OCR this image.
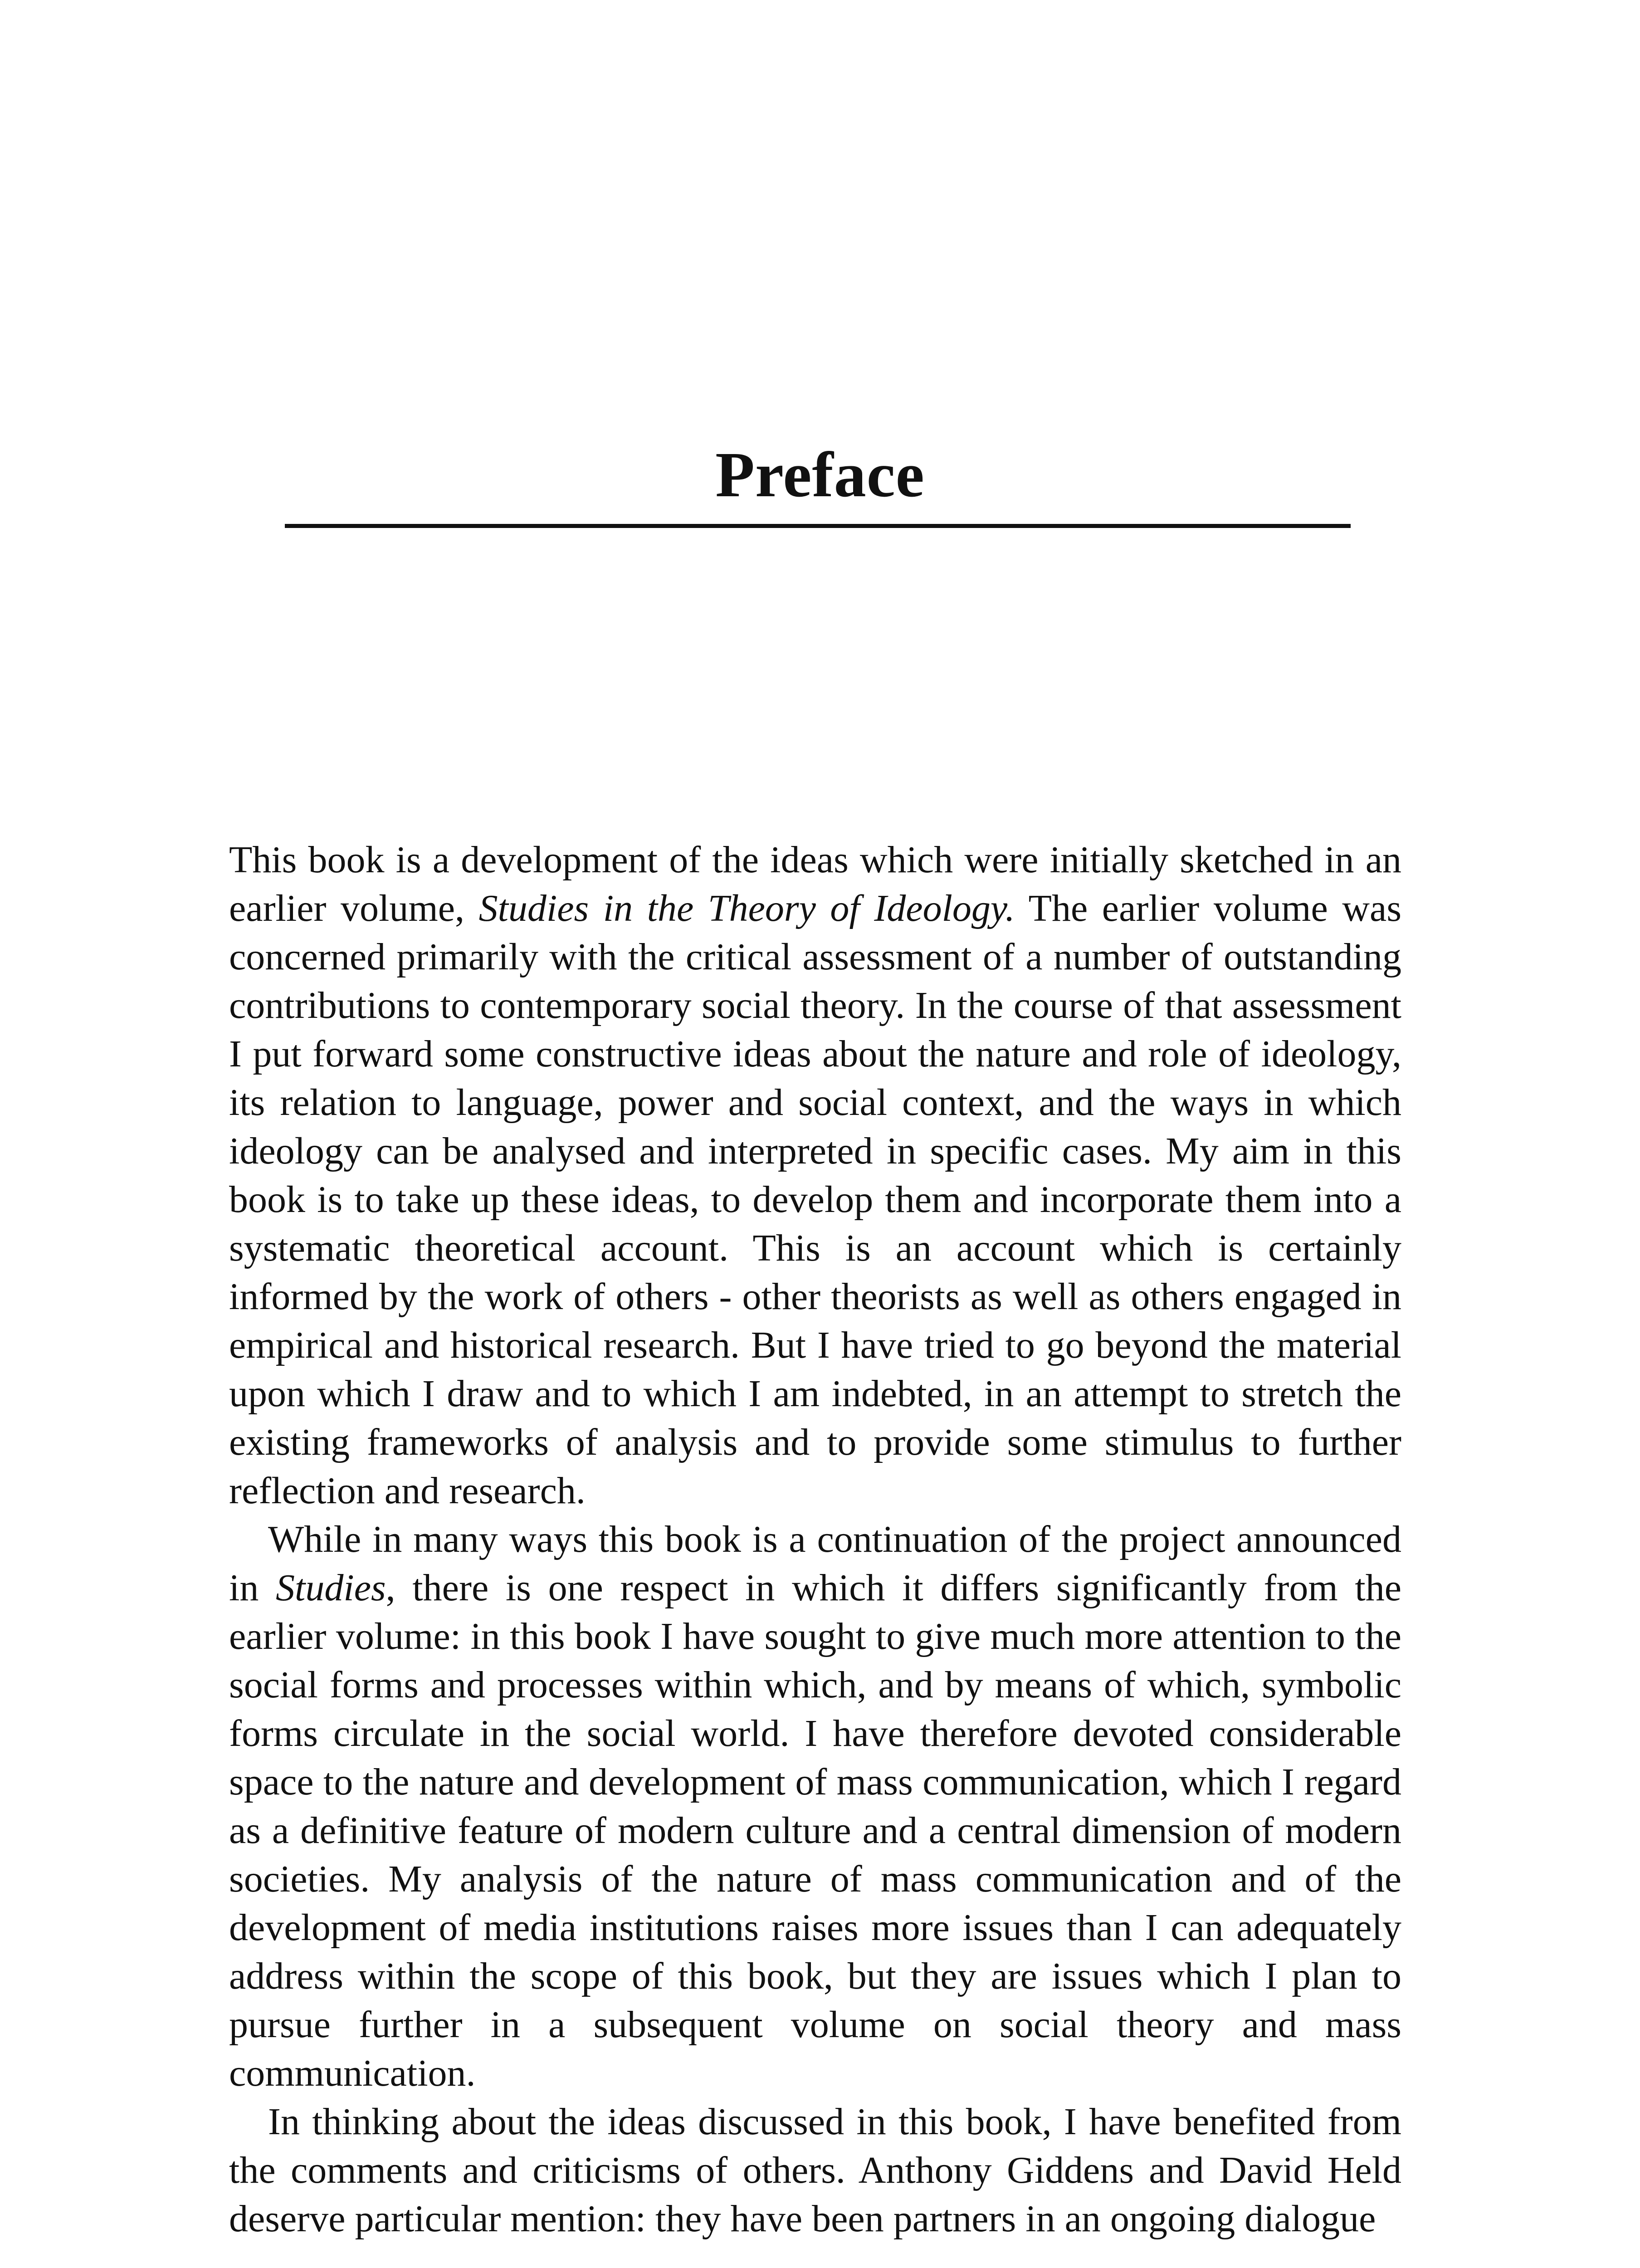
Preface

This book is a development of the ideas which were initially sketched in an earlier volume, Studies in the Theory of Ideology. The earlier volume was concerned primarily with the critical assessment of a number of outstanding contributions to contemporary social theory. In the course of that assessment I put forward some constructive ideas about the nature and role of ideology, its relation to language, power and social context, and the ways in which ideology can be analysed and interpreted in specific cases. My aim in this book is to take up these ideas, to develop them and incorporate them into a systematic theoretical account. This is an account which is certainly informed by the work of others - other theorists as well as others engaged in empirical and historical research. But I have tried to go beyond the material upon which I draw and to which I am indebted, in an attempt to stretch the existing frameworks of analysis and to provide some stimulus to further reflection and research.

While in many ways this book is a continuation of the project announced in Studies, there is one respect in which it differs significantly from the earlier volume: in this book I have sought to give much more attention to the social forms and processes within which, and by means of which, symbolic forms circulate in the social world. I have therefore devoted considerable space to the nature and development of mass communication, which I regard as a definitive feature of modern culture and a central dimension of modern societies. My analysis of the nature of mass communication and of the development of media institutions raises more issues than I can adequately address within the scope of this book, but they are issues which I plan to pursue further in a subsequent volume on social theory and mass communication.

In thinking about the ideas discussed in this book, I have benefited from the comments and criticisms of others. Anthony Giddens and David Held deserve particular mention: they have been partners in an ongoing dialogue
